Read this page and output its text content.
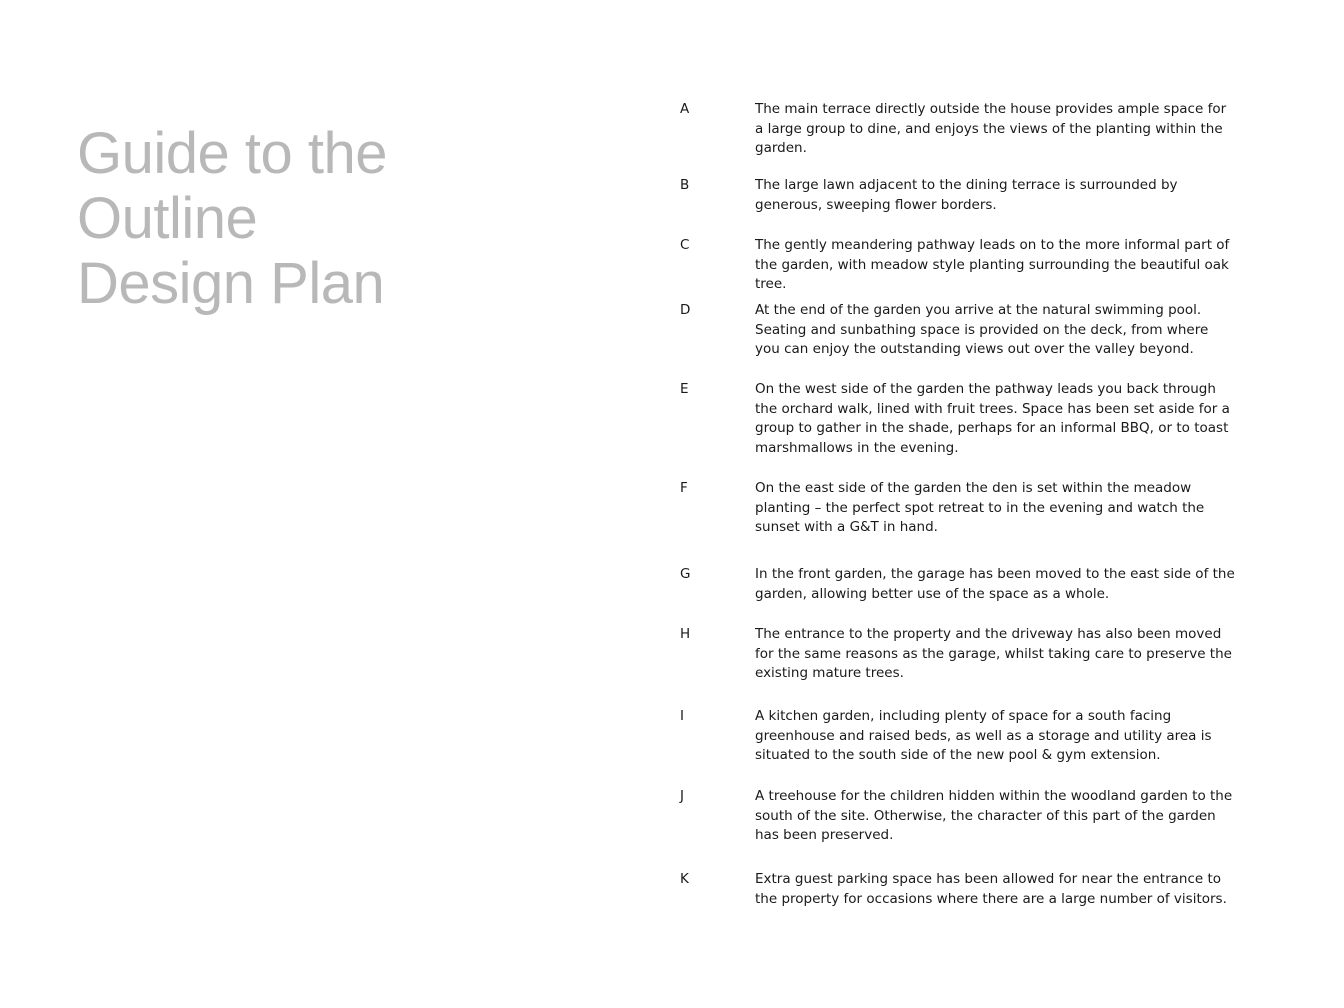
Guide to the
Outline
Design Plan
A	The main terrace directly outside the house provides ample space for a large group to dine, and enjoys the views of the planting within the garden.
B	The large lawn adjacent to the dining terrace is surrounded by generous, sweeping flower borders.
C	The gently meandering pathway leads on to the more informal part of the garden, with meadow style planting surrounding the beautiful oak tree.
D	At the end of the garden you arrive at the natural swimming pool. Seating and sunbathing space is provided on the deck, from where you can enjoy the outstanding views out over the valley beyond.
E	On the west side of the garden the pathway leads you back through the orchard walk, lined with fruit trees. Space has been set aside for a group to gather in the shade, perhaps for an informal BBQ, or to toast marshmallows in the evening.
F	On the east side of the garden the den is set within the meadow planting – the perfect spot retreat to in the evening and watch the sunset with a G&T in hand.
G	In the front garden, the garage has been moved to the east side of the garden, allowing better use of the space as a whole.
H	The entrance to the property and the driveway has also been moved for the same reasons as the garage, whilst taking care to preserve the existing mature trees.
I	A kitchen garden, including plenty of space for a south facing greenhouse and raised beds, as well as a storage and utility area is situated to the south side of the new pool & gym extension.
J	A treehouse for the children hidden within the woodland garden to the south of the site. Otherwise, the character of this part of the garden has been preserved.
K	Extra guest parking space has been allowed for near the entrance to the property for occasions where there are a large number of visitors.
